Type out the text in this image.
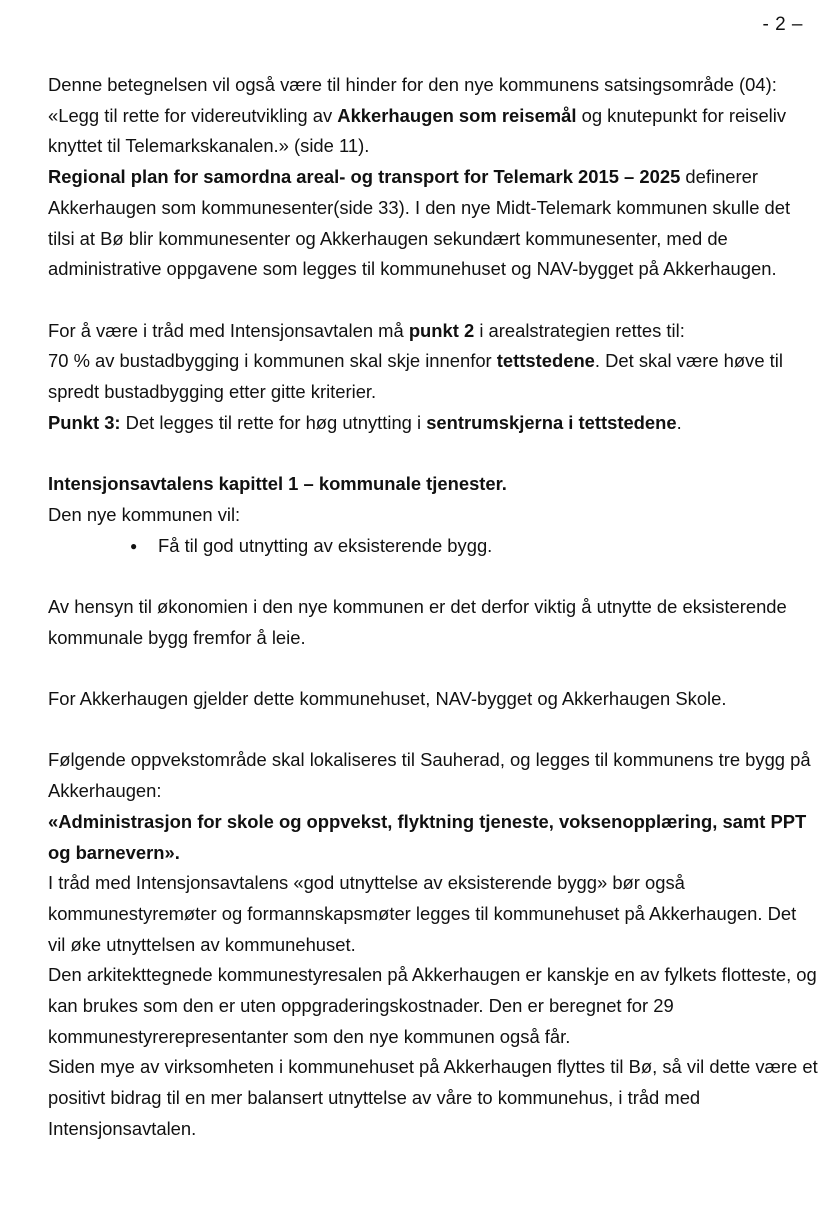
- 2 –

Denne betegnelsen vil også være til hinder for den nye kommunens satsingsområde (04):

«Legg til rette for videreutvikling av Akkerhaugen som reisemål og knutepunkt for reiseliv knyttet til Telemarkskanalen.» (side 11).

Regional plan for samordna areal- og transport for Telemark 2015 – 2025 definerer Akkerhaugen som kommunesenter(side 33). I den nye Midt-Telemark kommunen skulle det tilsi at Bø blir kommunesenter og Akkerhaugen sekundært kommunesenter, med de administrative oppgavene som legges til kommunehuset og NAV-bygget på Akkerhaugen.

For å være i tråd med Intensjonsavtalen må punkt 2 i arealstrategien rettes til:

70 % av bustadbygging i kommunen skal skje innenfor tettstedene. Det skal være høve til spredt bustadbygging etter gitte kriterier.

Punkt 3: Det legges til rette for høg utnytting i sentrumskjerna i tettstedene.

Intensjonsavtalens kapittel 1 – kommunale tjenester.

Den nye kommunen vil:

● Få til god utnytting av eksisterende bygg.

Av hensyn til økonomien i den nye kommunen er det derfor viktig å utnytte de eksisterende kommunale bygg fremfor å leie.

For Akkerhaugen gjelder dette kommunehuset, NAV-bygget og Akkerhaugen Skole.

Følgende oppvekstområde skal lokaliseres til Sauherad, og legges til kommunens tre bygg på Akkerhaugen:

«Administrasjon for skole og oppvekst, flyktning tjeneste, voksenopplæring, samt PPT og barnevern».

I tråd med Intensjonsavtalens «god utnyttelse av eksisterende bygg» bør også kommunestyremøter og formannskapsmøter legges til kommunehuset på Akkerhaugen. Det vil øke utnyttelsen av kommunehuset.

Den arkitekttegnede kommunestyresalen på Akkerhaugen er kanskje en av fylkets flotteste, og kan brukes som den er uten oppgraderingskostnader. Den er beregnet for 29 kommunestyrerepresentanter som den nye kommunen også får.

Siden mye av virksomheten i kommunehuset på Akkerhaugen flyttes til Bø, så vil dette være et positivt bidrag til en mer balansert utnyttelse av våre to kommunehus, i tråd med Intensjonsavtalen.
